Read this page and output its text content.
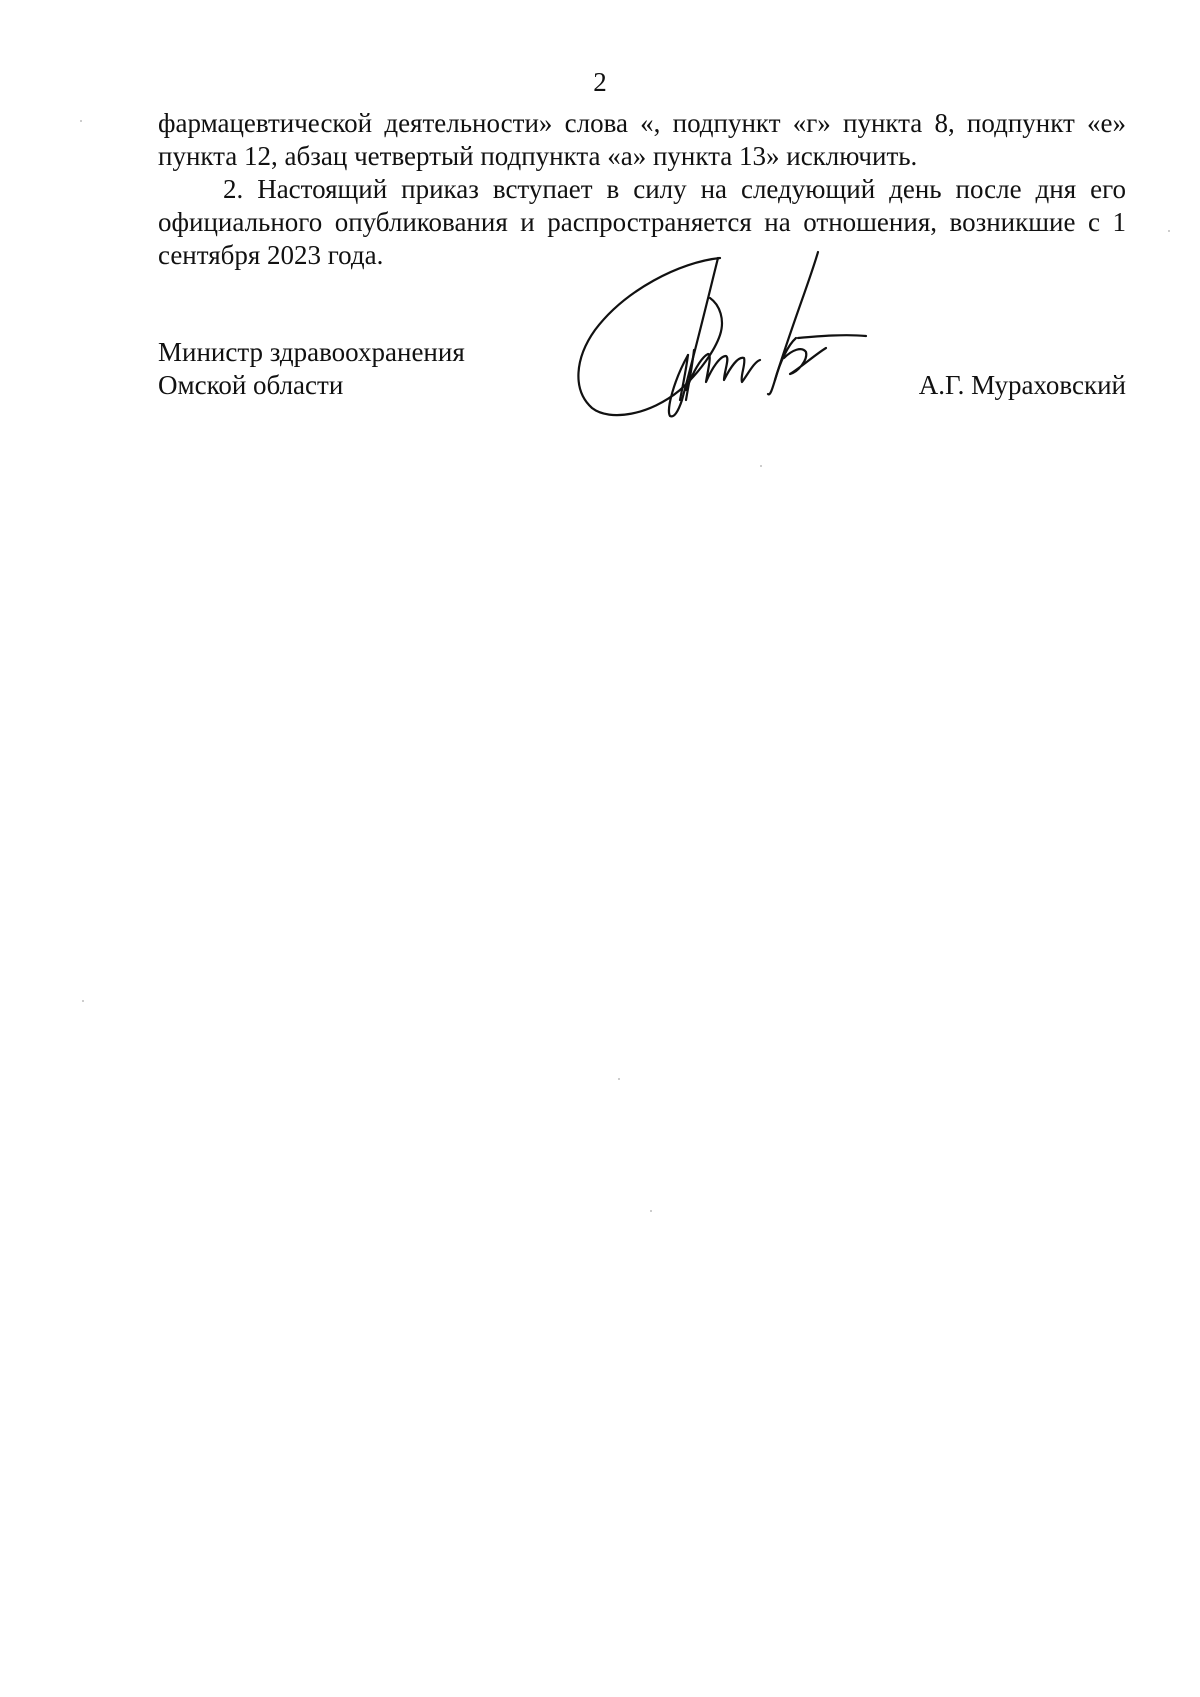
2

фармацевтической деятельности» слова «, подпункт «г» пункта 8, подпункт «е» пункта 12, абзац четвертый подпункта «а» пункта 13» исключить.

2. Настоящий приказ вступает в силу на следующий день после дня его официального опубликования и распространяется на отношения, возникшие с 1 сентября 2023 года.

Министр здравоохранения
Омской области	А.Г. Мураховский
